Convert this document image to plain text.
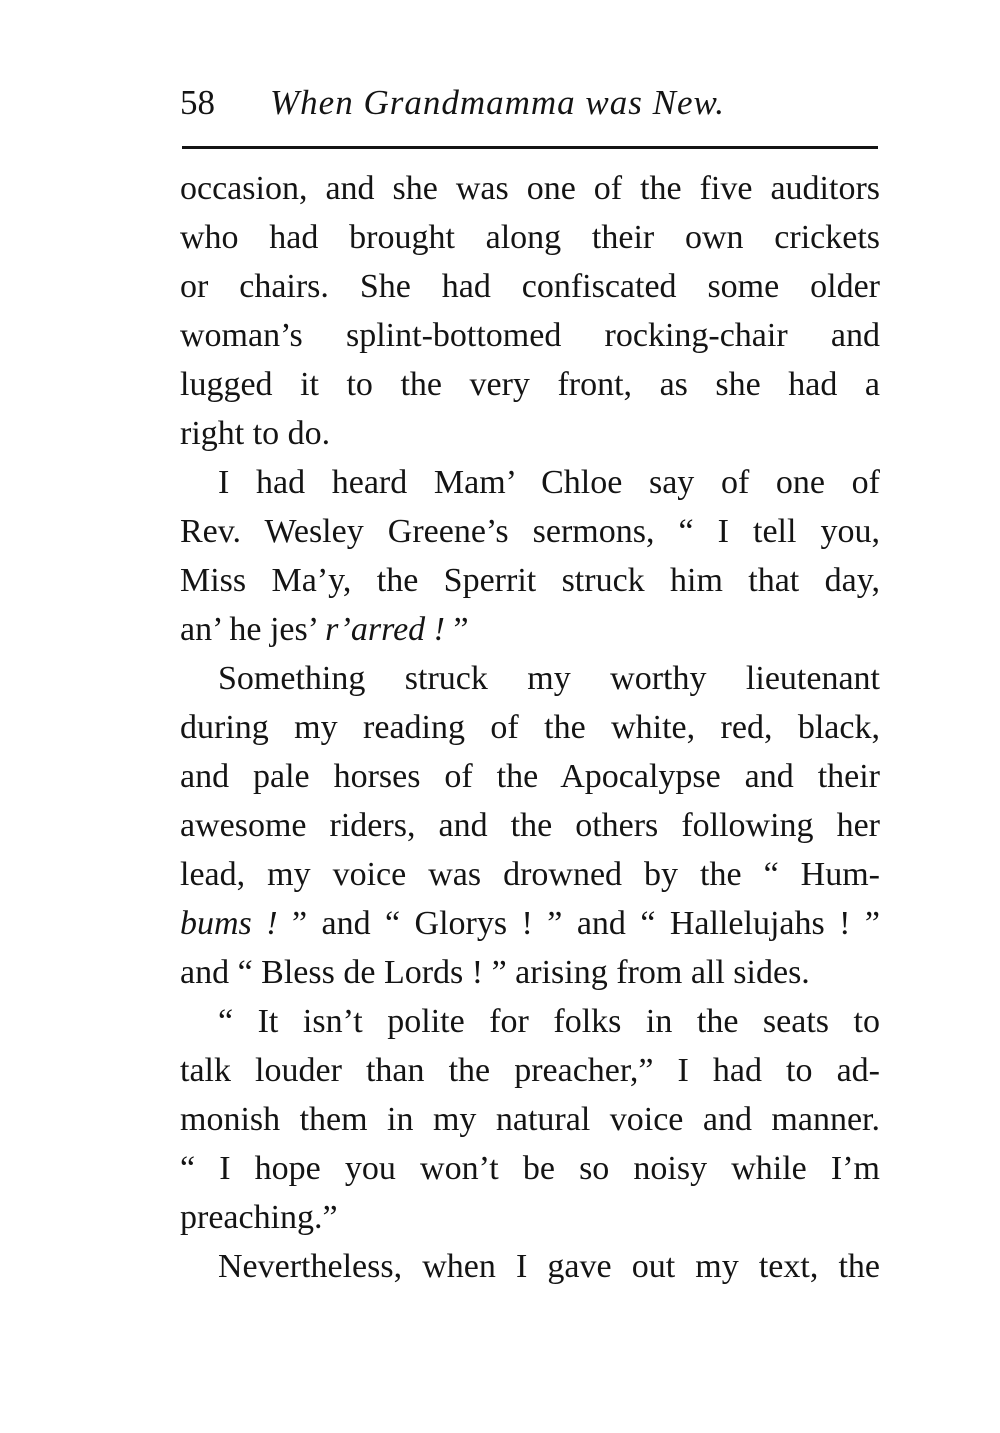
58 When Grandmamma was New.
occasion, and she was one of the five auditors
who had brought along their own crickets
or chairs. She had confiscated some older
woman’s splint-bottomed rocking-chair and
lugged it to the very front, as she had a
right to do.
I had heard Mam’ Chloe say of one of
Rev. Wesley Greene’s sermons, “ I tell you,
Miss Ma’y, the Sperrit struck him that day,
an’ he jes’ r’arred ! ”
Something struck my worthy lieutenant
during my reading of the white, red, black,
and pale horses of the Apocalypse and their
awesome riders, and the others following her
lead, my voice was drowned by the “ Hum-
bums ! ” and “ Glorys ! ” and “ Hallelujahs ! ”
and “ Bless de Lords ! ” arising from all sides.
“ It isn’t polite for folks in the seats to
talk louder than the preacher,” I had to ad-
monish them in my natural voice and manner.
“ I hope you won’t be so noisy while I’m
preaching.”
Nevertheless, when I gave out my text, the
